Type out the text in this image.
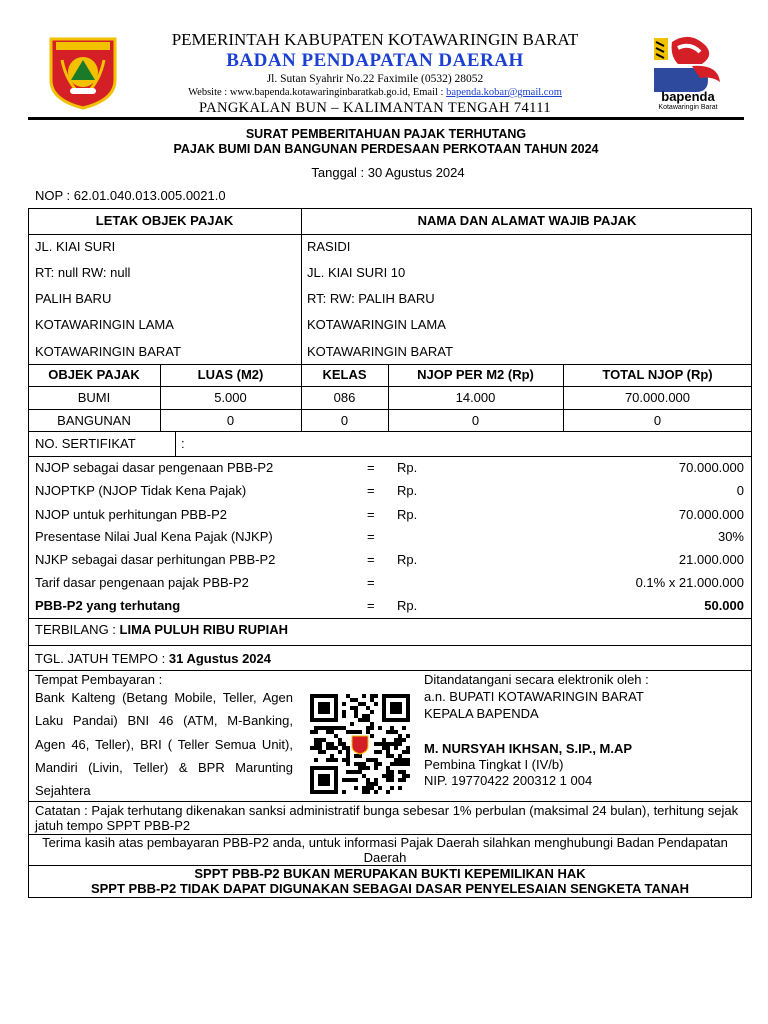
PEMERINTAH KABUPATEN KOTAWARINGIN BARAT
BADAN PENDAPATAN DAERAH
Jl. Sutan Syahrir No.22 Faximile (0532) 28052
Website : www.bapenda.kotawaringinbaratkab.go.id, Email : bapenda.kobar@gmail.com
PANGKALAN BUN – KALIMANTAN TENGAH 74111
bapenda
Kotawaringin Barat
SURAT PEMBERITAHUAN PAJAK TERHUTANG
PAJAK BUMI DAN BANGUNAN PERDESAAN PERKOTAAN TAHUN 2024
Tanggal : 30 Agustus 2024
NOP : 62.01.040.013.005.0021.0
LETAK OBJEK PAJAK	NAMA DAN ALAMAT WAJIB PAJAK
JL. KIAI SURI
RT: null RW: null
PALIH BARU
KOTAWARINGIN LAMA
KOTAWARINGIN BARAT
RASIDI
JL. KIAI SURI 10
RT: RW: PALIH BARU
KOTAWARINGIN LAMA
KOTAWARINGIN BARAT
OBJEK PAJAK	LUAS (M2)	KELAS	NJOP PER M2 (Rp)	TOTAL NJOP (Rp)
BUMI	5.000	086	14.000	70.000.000
BANGUNAN	0	0	0	0
NO. SERTIFIKAT	:
NJOP sebagai dasar pengenaan PBB-P2	= Rp.	70.000.000
NJOPTKP (NJOP Tidak Kena Pajak)	= Rp.	0
NJOP untuk perhitungan PBB-P2	= Rp.	70.000.000
Presentase Nilai Jual Kena Pajak (NJKP)	=	30%
NJKP sebagai dasar perhitungan PBB-P2	= Rp.	21.000.000
Tarif dasar pengenaan pajak PBB-P2	=	0.1% x 21.000.000
PBB-P2 yang terhutang	= Rp.	50.000
TERBILANG : LIMA PULUH RIBU RUPIAH
TGL. JATUH TEMPO : 31 Agustus 2024
Tempat Pembayaran :
Bank Kalteng (Betang Mobile, Teller, Agen Laku Pandai) BNI 46 (ATM, M-Banking, Agen 46, Teller), BRI ( Teller Semua Unit), Mandiri (Livin, Teller) & BPR Marunting Sejahtera
Ditandatangani secara elektronik oleh :
a.n. BUPATI KOTAWARINGIN BARAT
KEPALA BAPENDA
M. NURSYAH IKHSAN, S.IP., M.AP
Pembina Tingkat I (IV/b)
NIP. 19770422 200312 1 004
Catatan : Pajak terhutang dikenakan sanksi administratif bunga sebesar 1% perbulan (maksimal 24 bulan), terhitung sejak jatuh tempo SPPT PBB-P2
Terima kasih atas pembayaran PBB-P2 anda, untuk informasi Pajak Daerah silahkan menghubungi Badan Pendapatan Daerah
SPPT PBB-P2 BUKAN MERUPAKAN BUKTI KEPEMILIKAN HAK
SPPT PBB-P2 TIDAK DAPAT DIGUNAKAN SEBAGAI DASAR PENYELESAIAN SENGKETA TANAH
